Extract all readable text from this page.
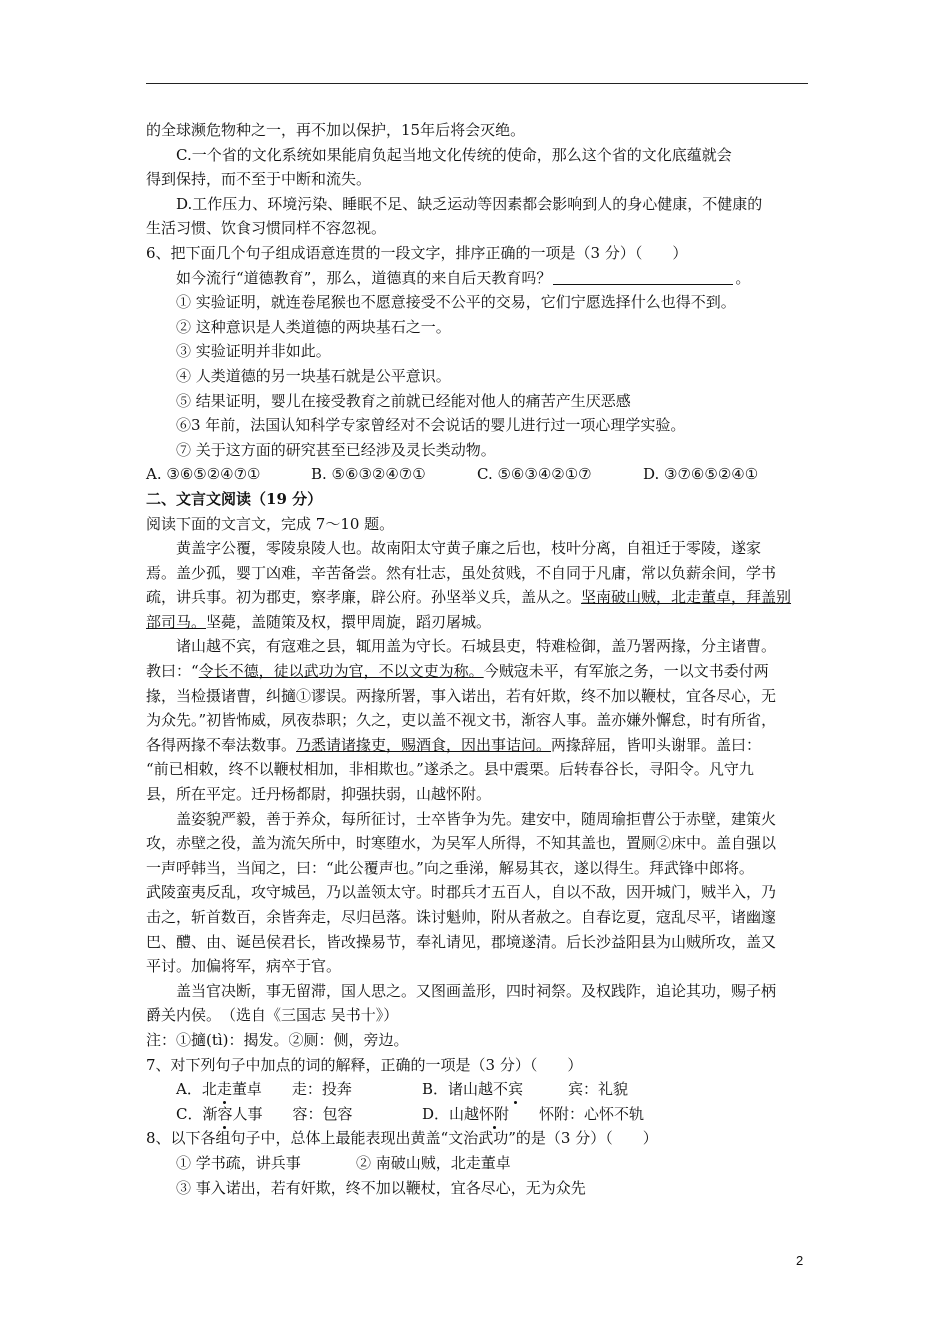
的全球濒危物种之一，再不加以保护，15年后将会灭绝。
C.一个省的文化系统如果能肩负起当地文化传统的使命，那么这个省的文化底蕴就会
得到保持，而不至于中断和流失。
D.工作压力、环境污染、睡眠不足、缺乏运动等因素都会影响到人的身心健康，不健康的
生活习惯、饮食习惯同样不容忽视。
6、把下面几个句子组成语意连贯的一段文字，排序正确的一项是（3 分）（　　）
如今流行“道德教育”，那么，道德真的来自后天教育吗？	。
① 实验证明，就连卷尾猴也不愿意接受不公平的交易，它们宁愿选择什么也得不到。
② 这种意识是人类道德的两块基石之一。
③ 实验证明并非如此。
④ 人类道德的另一块基石就是公平意识。
⑤ 结果证明，婴儿在接受教育之前就已经能对他人的痛苦产生厌恶感
⑥3 年前，法国认知科学专家曾经对不会说话的婴儿进行过一项心理学实验。
⑦ 关于这方面的研究甚至已经涉及灵长类动物。
A. ③⑥⑤②④⑦①	B. ⑤⑥③②④⑦①	C. ⑤⑥③④②①⑦	D. ③⑦⑥⑤②④①
二、文言文阅读（19 分）
阅读下面的文言文，完成 7～10 题。
黄盖字公覆，零陵泉陵人也。故南阳太守黄子廉之后也，枝叶分离，自祖迁于零陵，遂家
焉。盖少孤，婴丁凶难，辛苦备尝。然有壮志，虽处贫贱，不自同于凡庸，常以负薪余间，学书
疏，讲兵事。初为郡吏，察孝廉，辟公府。孙坚举义兵，盖从之。坚南破山贼，北走董卓，拜盖别
部司马。坚薨，盖随策及权，擐甲周旋，蹈刃屠城。
诸山越不宾，有寇难之县，辄用盖为守长。石城县吏，特难检御，盖乃署两掾，分主诸曹。
教曰：“令长不德，徒以武功为官，不以文吏为称。今贼寇未平，有军旅之务，一以文书委付两
掾，当检摄诸曹，纠擿①谬误。两掾所署，事入诺出，若有奸欺，终不加以鞭杖，宜各尽心，无
为众先。”初皆怖威，夙夜恭职；久之，吏以盖不视文书，渐容人事。盖亦嫌外懈怠，时有所省，
各得两掾不奉法数事。乃悉请诸掾吏，赐酒食，因出事诘问。两掾辞屈，皆叩头谢罪。盖曰：
“前已相敕，终不以鞭杖相加，非相欺也。”遂杀之。县中震栗。后转春谷长，寻阳令。凡守九
县，所在平定。迁丹杨都尉，抑强扶弱，山越怀附。
盖姿貌严毅，善于养众，每所征讨，士卒皆争为先。建安中，随周瑜拒曹公于赤壁，建策火
攻，赤壁之役，盖为流矢所中，时寒堕水，为吴军人所得，不知其盖也，置厕②床中。盖自强以
一声呼韩当，当闻之，曰：“此公覆声也。”向之垂涕，解易其衣，遂以得生。拜武锋中郎将。
武陵蛮夷反乱，攻守城邑，乃以盖领太守。时郡兵才五百人，自以不敌，因开城门，贼半入，乃
击之，斩首数百，余皆奔走，尽归邑落。诛讨魁帅，附从者赦之。自春讫夏，寇乱尽平，诸幽邃
巴、醴、由、诞邑侯君长，皆改操易节，奉礼请见，郡境遂清。后长沙益阳县为山贼所攻，盖又
平讨。加偏将军，病卒于官。
盖当官决断，事无留滞，国人思之。又图画盖形，四时祠祭。及权践阼，追论其功，赐子柄
爵关内侯。　（选自《三国志 吴书十》）
注：①擿(tì)：揭发。②厕：侧，旁边。
7、对下列句子中加点的词的解释，正确的一项是（3 分）（　　）
A．北走董卓　　走：投奔	B．诸山越不宾　　　宾：礼貌
C．渐容人事　　容：包容	D．山越怀附　　怀附：心怀不轨
8、以下各组句子中，总体上最能表现出黄盖“文治武功”的是（3 分）（　　）
① 学书疏，讲兵事	② 南破山贼，北走董卓
③ 事入诺出，若有奸欺，终不加以鞭杖，宜各尽心，无为众先
2
